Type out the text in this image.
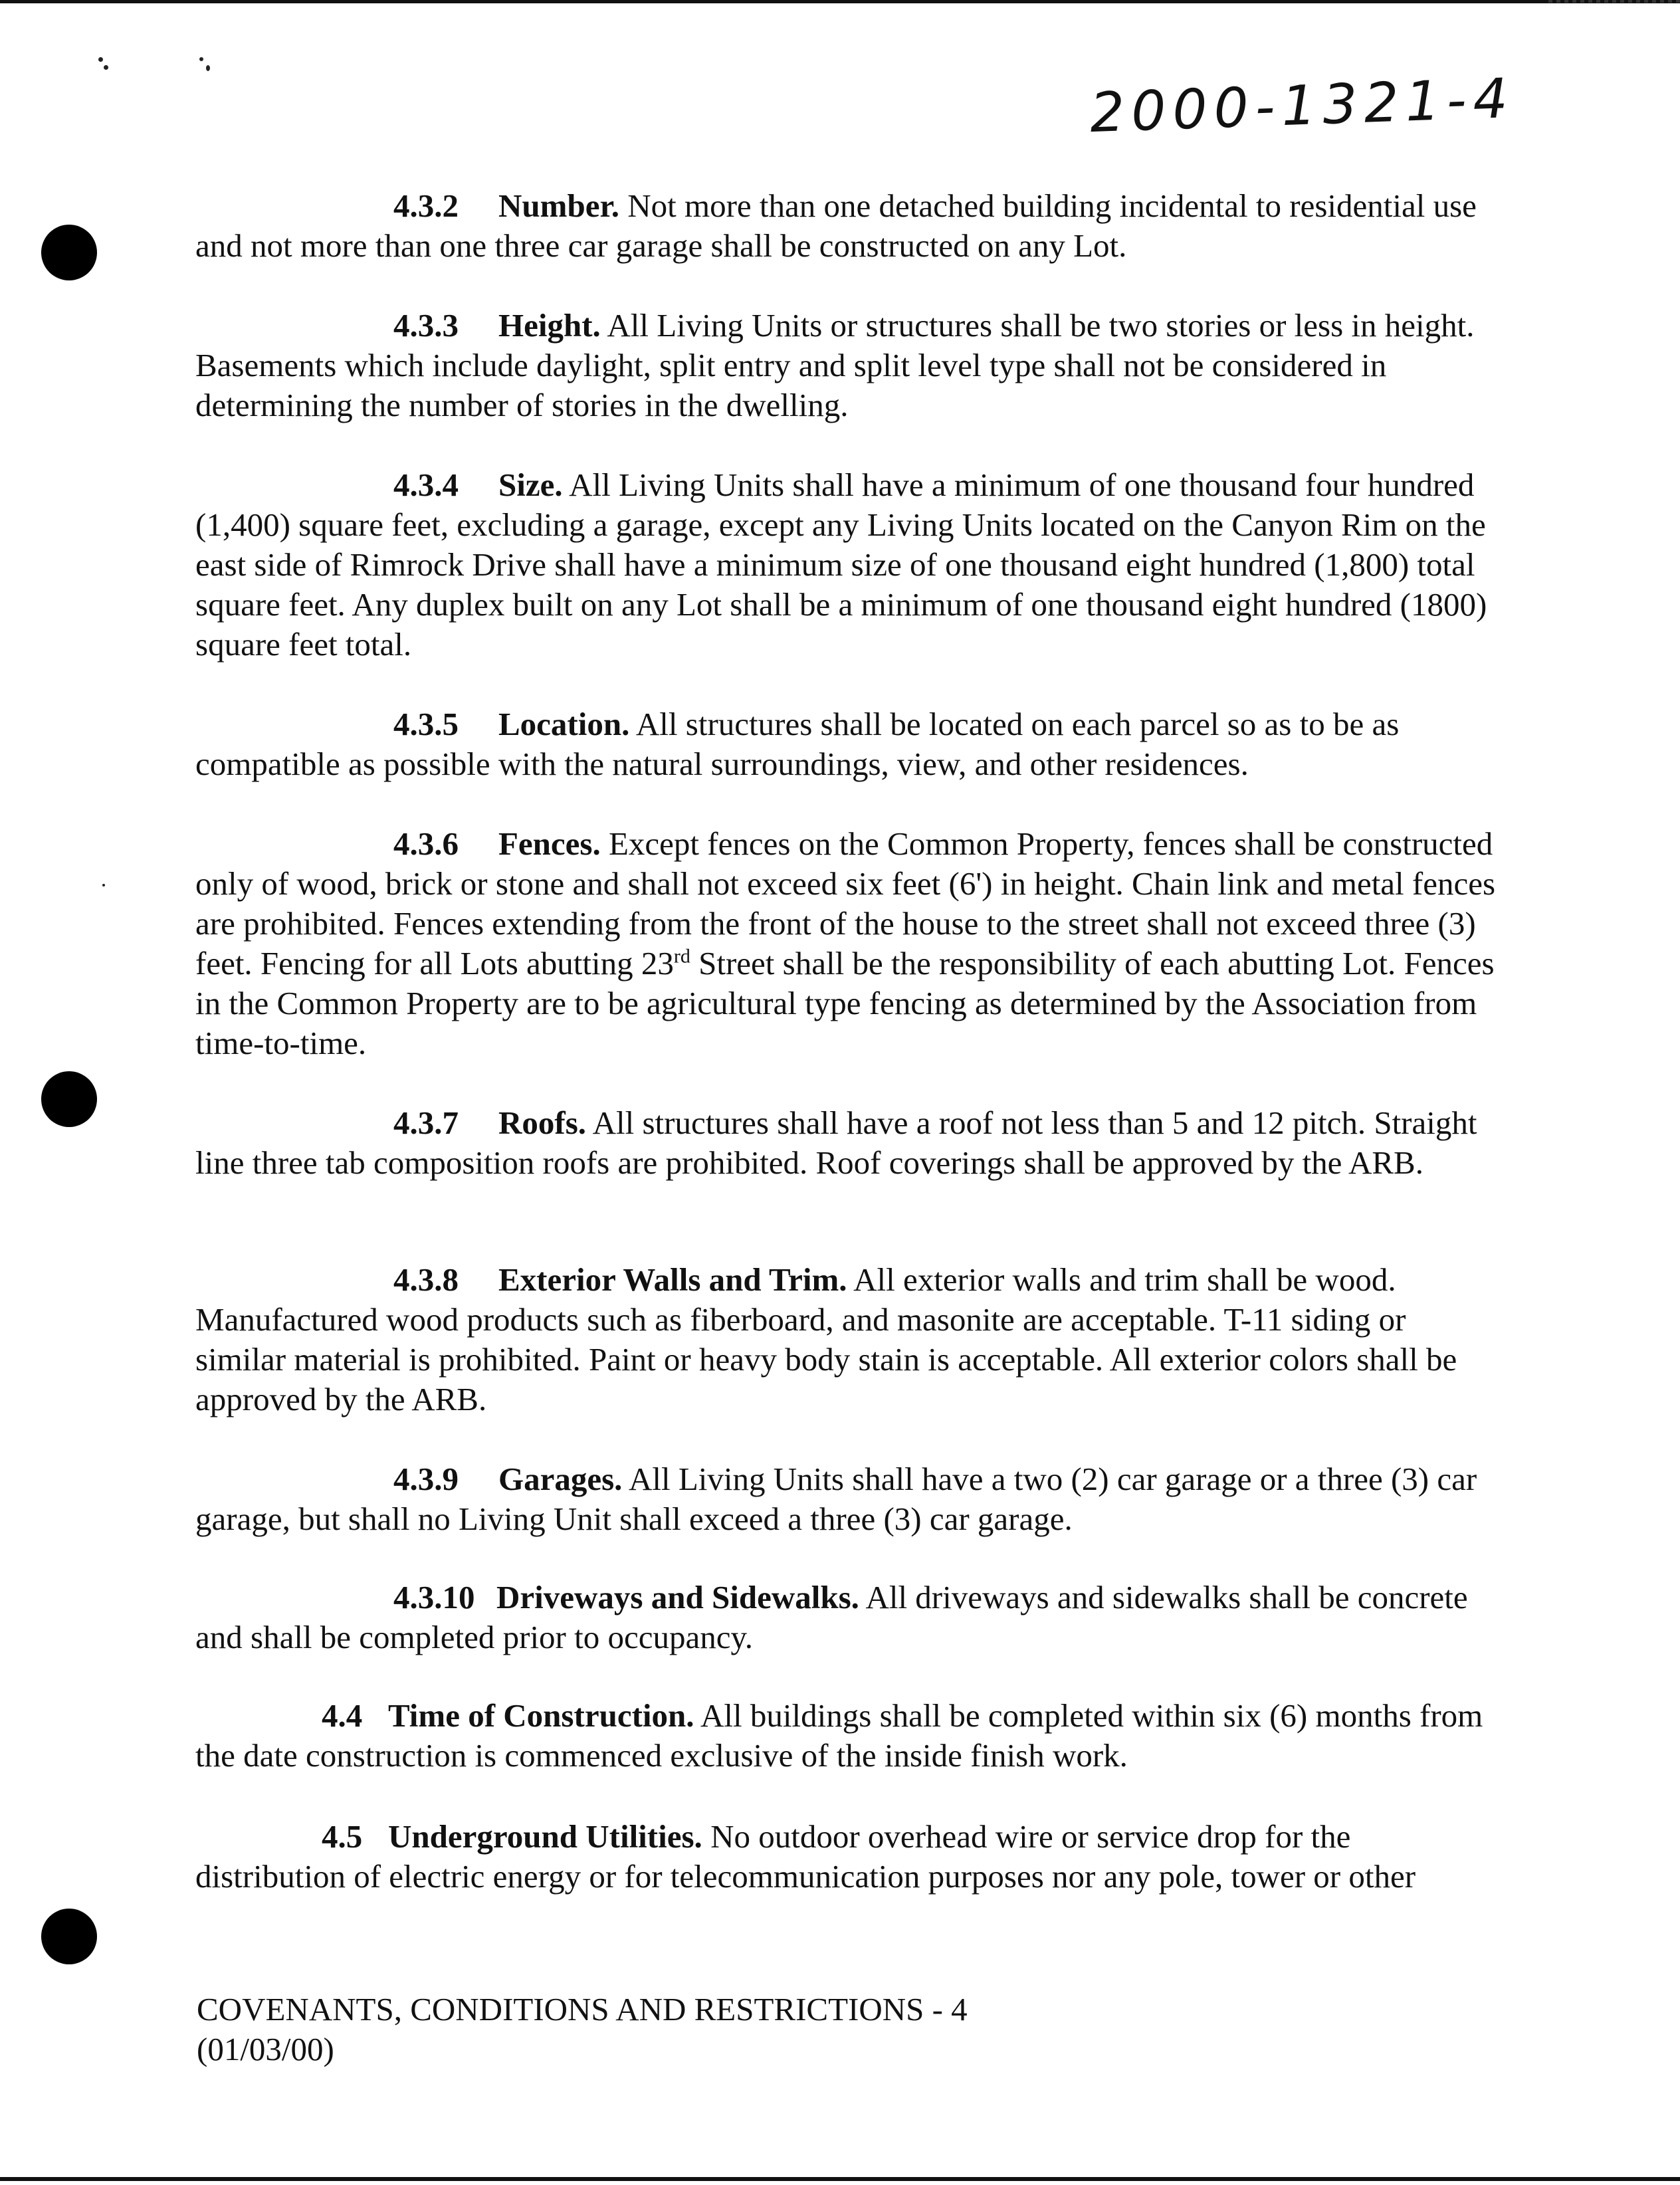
2000-1321-4

4.3.2 Number. Not more than one detached building incidental to residential use and not more than one three car garage shall be constructed on any Lot.

4.3.3 Height. All Living Units or structures shall be two stories or less in height. Basements which include daylight, split entry and split level type shall not be considered in determining the number of stories in the dwelling.

4.3.4 Size. All Living Units shall have a minimum of one thousand four hundred (1,400) square feet, excluding a garage, except any Living Units located on the Canyon Rim on the east side of Rimrock Drive shall have a minimum size of one thousand eight hundred (1,800) total square feet. Any duplex built on any Lot shall be a minimum of one thousand eight hundred (1800) square feet total.

4.3.5 Location. All structures shall be located on each parcel so as to be as compatible as possible with the natural surroundings, view, and other residences.

4.3.6 Fences. Except fences on the Common Property, fences shall be constructed only of wood, brick or stone and shall not exceed six feet (6') in height. Chain link and metal fences are prohibited. Fences extending from the front of the house to the street shall not exceed three (3) feet. Fencing for all Lots abutting 23rd Street shall be the responsibility of each abutting Lot. Fences in the Common Property are to be agricultural type fencing as determined by the Association from time-to-time.

4.3.7 Roofs. All structures shall have a roof not less than 5 and 12 pitch. Straight line three tab composition roofs are prohibited. Roof coverings shall be approved by the ARB.

4.3.8 Exterior Walls and Trim. All exterior walls and trim shall be wood. Manufactured wood products such as fiberboard, and masonite are acceptable. T-11 siding or similar material is prohibited. Paint or heavy body stain is acceptable. All exterior colors shall be approved by the ARB.

4.3.9 Garages. All Living Units shall have a two (2) car garage or a three (3) car garage, but shall no Living Unit shall exceed a three (3) car garage.

4.3.10 Driveways and Sidewalks. All driveways and sidewalks shall be concrete and shall be completed prior to occupancy.

4.4 Time of Construction. All buildings shall be completed within six (6) months from the date construction is commenced exclusive of the inside finish work.

4.5 Underground Utilities. No outdoor overhead wire or service drop for the distribution of electric energy or for telecommunication purposes nor any pole, tower or other

COVENANTS, CONDITIONS AND RESTRICTIONS - 4
(01/03/00)
